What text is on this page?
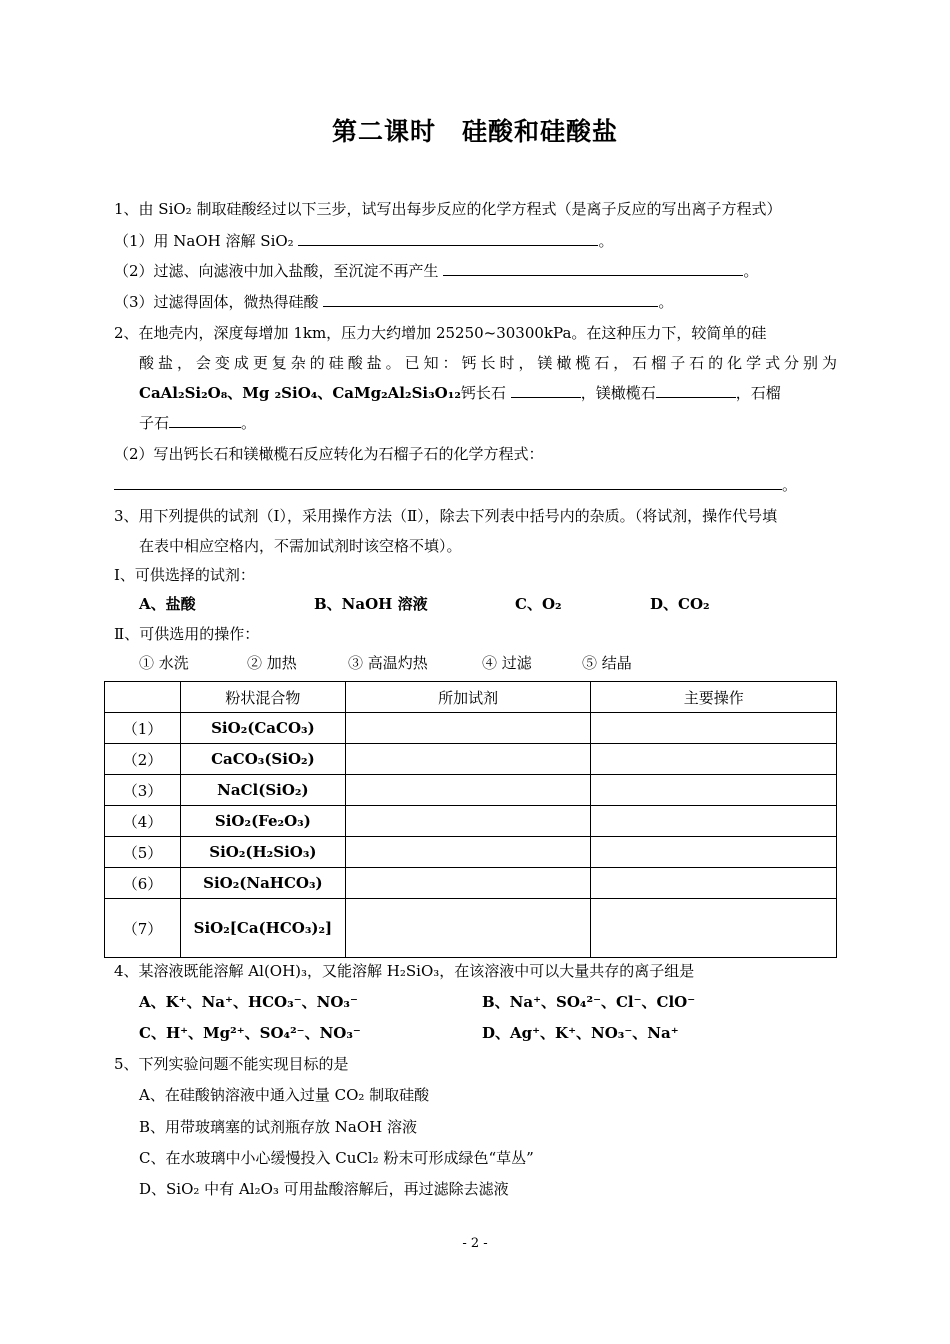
第二课时　硅酸和硅酸盐
1、由 SiO₂ 制取硅酸经过以下三步，试写出每步反应的化学方程式（是离子反应的写出离子方程式）
（1）用 NaOH 溶解 SiO₂	。
（2）过滤、向滤液中加入盐酸，至沉淀不再产生	。
（3）过滤得固体，微热得硅酸	。
2、在地壳内，深度每增加 1km，压力大约增加 25250~30300kPa。在这种压力下，较简单的硅
酸盐，会变成更复杂的硅酸盐。已知：钙长时，镁橄榄石，石榴子石的化学式分别为
CaAl₂Si₂O₈、Mg ₂SiO₄、CaMg₂Al₂Si₃O₁₂钙长石	，镁橄榄石	，石榴
子石	。
（2）写出钙长石和镁橄榄石反应转化为石榴子石的化学方程式：
。
3、用下列提供的试剂（Ⅰ），采用操作方法（Ⅱ），除去下列表中括号内的杂质。（将试剂，操作代号填
在表中相应空格内，不需加试剂时该空格不填）。
Ⅰ、可供选择的试剂：
A、盐酸	B、NaOH 溶液	C、O₂	D、CO₂
Ⅱ、可供选用的操作：
① 水洗	② 加热	③ 高温灼热	④ 过滤	⑤ 结晶
	粉状混合物	所加试剂	主要操作
（1）	SiO₂(CaCO₃)		
（2）	CaCO₃(SiO₂)		
（3）	NaCl(SiO₂)		
（4）	SiO₂(Fe₂O₃)		
（5）	SiO₂(H₂SiO₃)		
（6）	SiO₂(NaHCO₃)		
（7）	SiO₂[Ca(HCO₃)₂]		
4、某溶液既能溶解 Al(OH)₃，又能溶解 H₂SiO₃，在该溶液中可以大量共存的离子组是
A、K⁺、Na⁺、HCO₃⁻、NO₃⁻	B、Na⁺、SO₄²⁻、Cl⁻、ClO⁻
C、H⁺、Mg²⁺、SO₄²⁻、NO₃⁻	D、Ag⁺、K⁺、NO₃⁻、Na⁺
5、下列实验问题不能实现目标的是
A、在硅酸钠溶液中通入过量 CO₂ 制取硅酸
B、用带玻璃塞的试剂瓶存放 NaOH 溶液
C、在水玻璃中小心缓慢投入 CuCl₂ 粉末可形成绿色“草丛”
D、SiO₂ 中有 Al₂O₃ 可用盐酸溶解后，再过滤除去滤液
- 2 -
